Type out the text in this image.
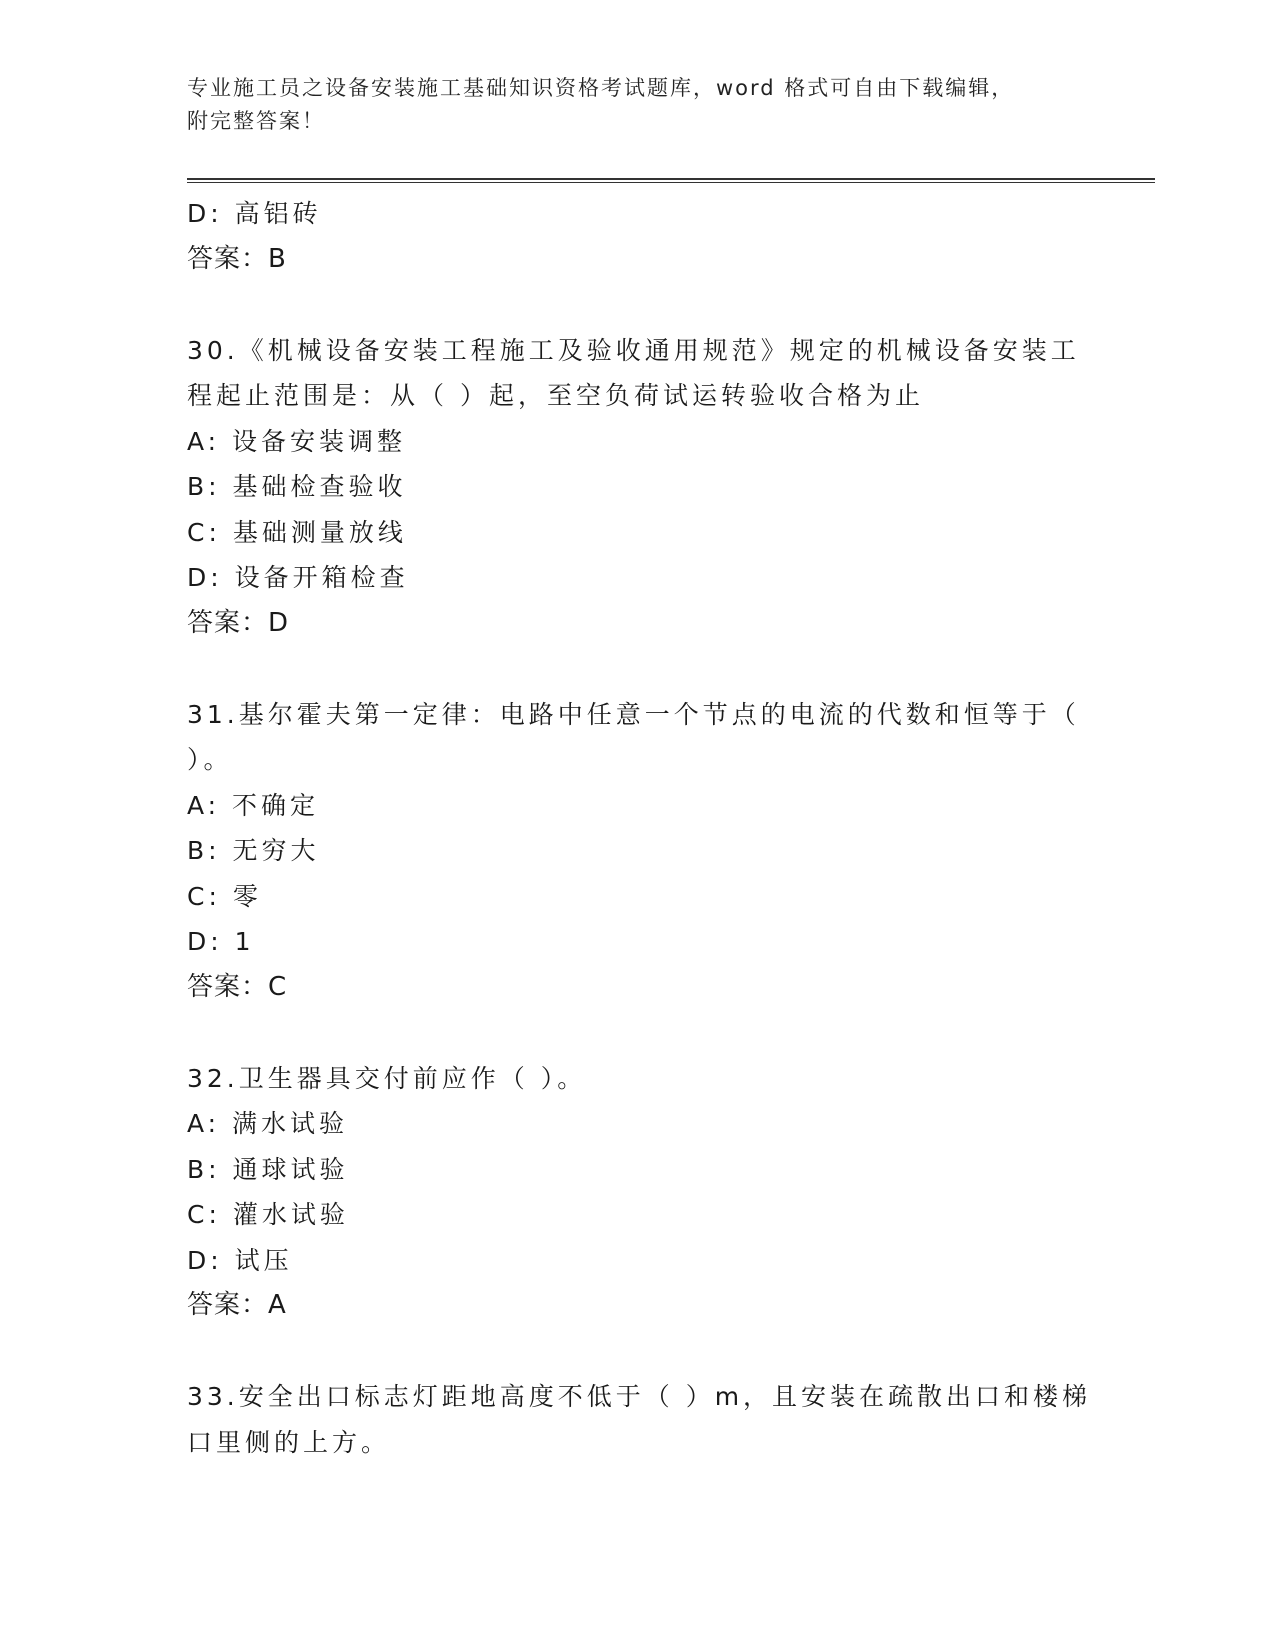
专业施工员之设备安装施工基础知识资格考试题库，word 格式可自由下载编辑，
附完整答案！
D: 高铝砖
答案：B
30.《机械设备安装工程施工及验收通用规范》规定的机械设备安装工
程起止范围是：从（ ）起，至空负荷试运转验收合格为止
A: 设备安装调整
B: 基础检查验收
C: 基础测量放线
D: 设备开箱检查
答案：D
31.基尔霍夫第一定律：电路中任意一个节点的电流的代数和恒等于（
）。
A: 不确定
B: 无穷大
C: 零
D: 1
答案：C
32.卫生器具交付前应作（ ）。
A: 满水试验
B: 通球试验
C: 灌水试验
D: 试压
答案：A
33.安全出口标志灯距地高度不低于（ ）m，且安装在疏散出口和楼梯
口里侧的上方。
